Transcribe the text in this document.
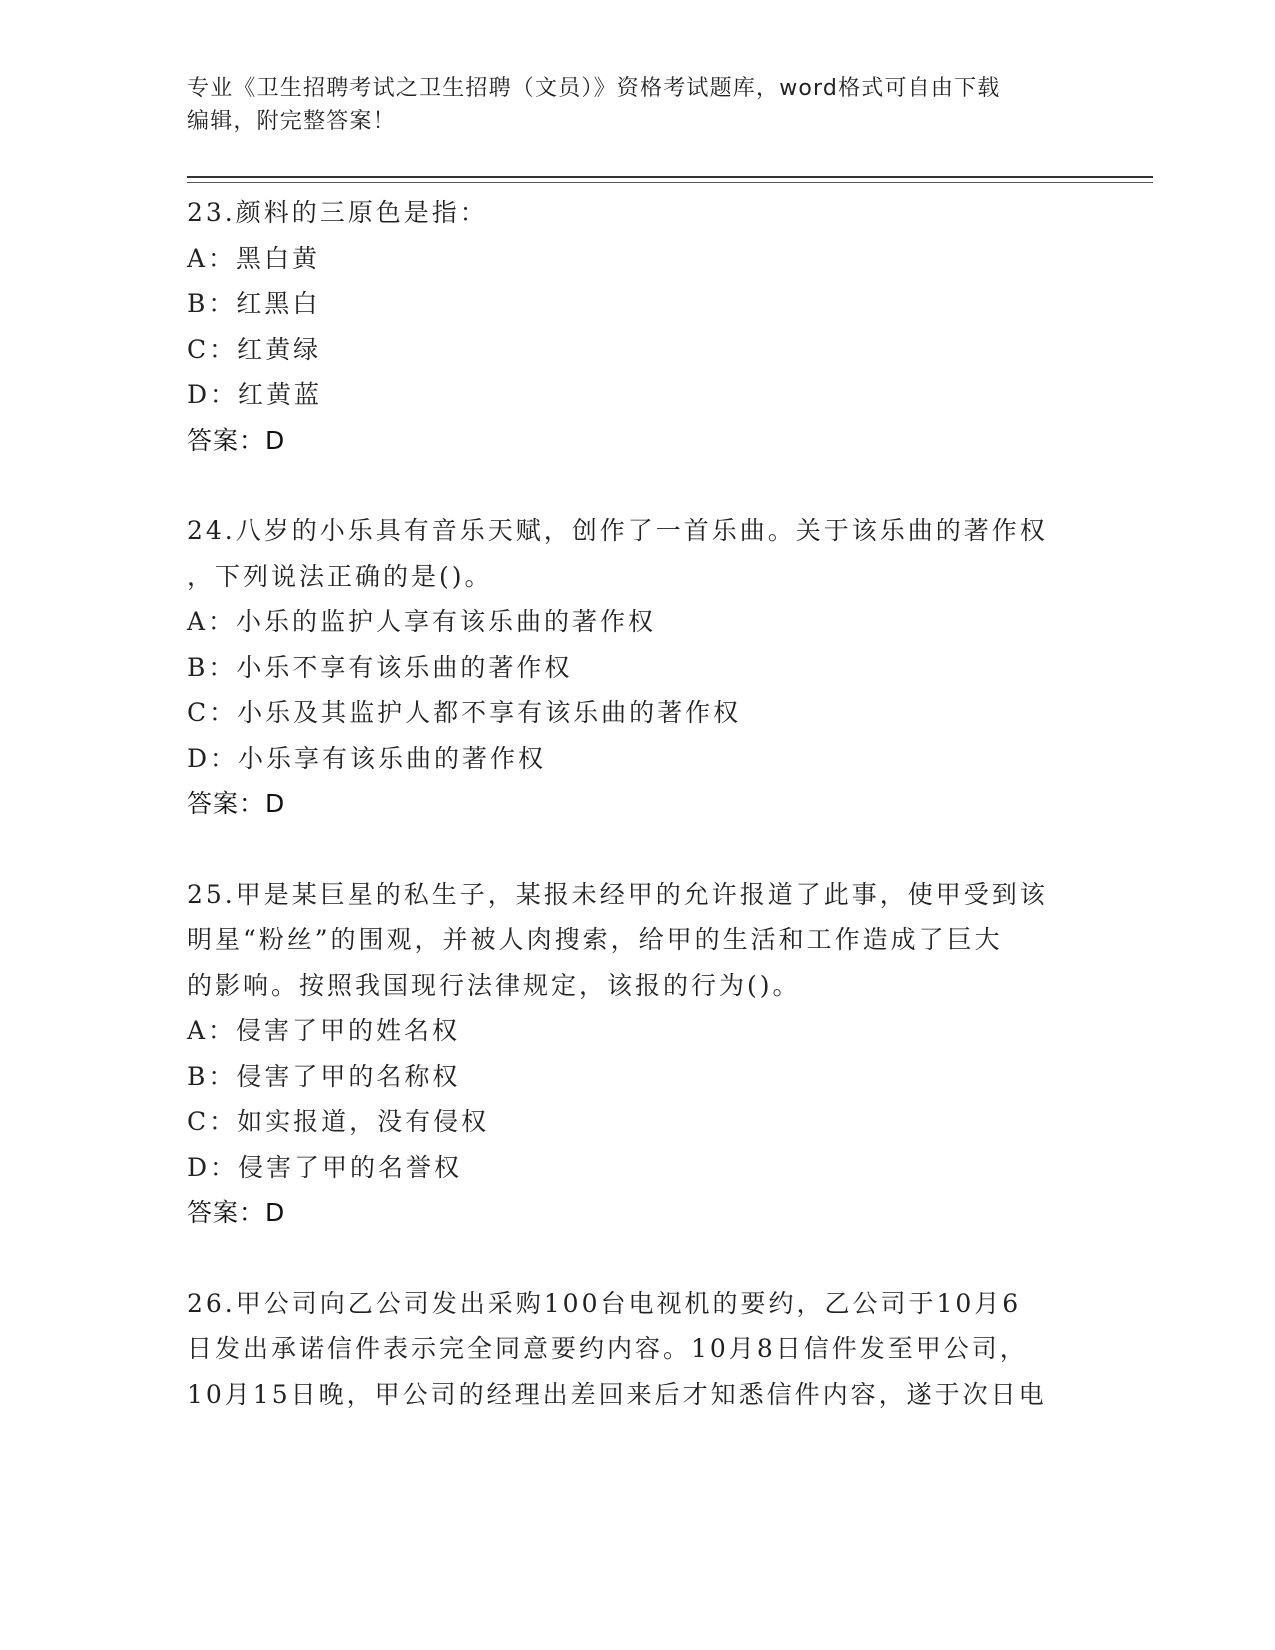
专业《卫生招聘考试之卫生招聘（文员）》资格考试题库，word格式可自由下载
编辑，附完整答案！
23.颜料的三原色是指：
A：黑白黄
B：红黑白
C：红黄绿
D：红黄蓝
答案：D
24.八岁的小乐具有音乐天赋，创作了一首乐曲。关于该乐曲的著作权
，下列说法正确的是()。
A：小乐的监护人享有该乐曲的著作权
B：小乐不享有该乐曲的著作权
C：小乐及其监护人都不享有该乐曲的著作权
D：小乐享有该乐曲的著作权
答案：D
25.甲是某巨星的私生子，某报未经甲的允许报道了此事，使甲受到该
明星“粉丝”的围观，并被人肉搜索，给甲的生活和工作造成了巨大
的影响。按照我国现行法律规定，该报的行为()。
A：侵害了甲的姓名权
B：侵害了甲的名称权
C：如实报道，没有侵权
D：侵害了甲的名誉权
答案：D
26.甲公司向乙公司发出采购100台电视机的要约，乙公司于10月6
日发出承诺信件表示完全同意要约内容。10月8日信件发至甲公司，
10月15日晚，甲公司的经理出差回来后才知悉信件内容，遂于次日电
